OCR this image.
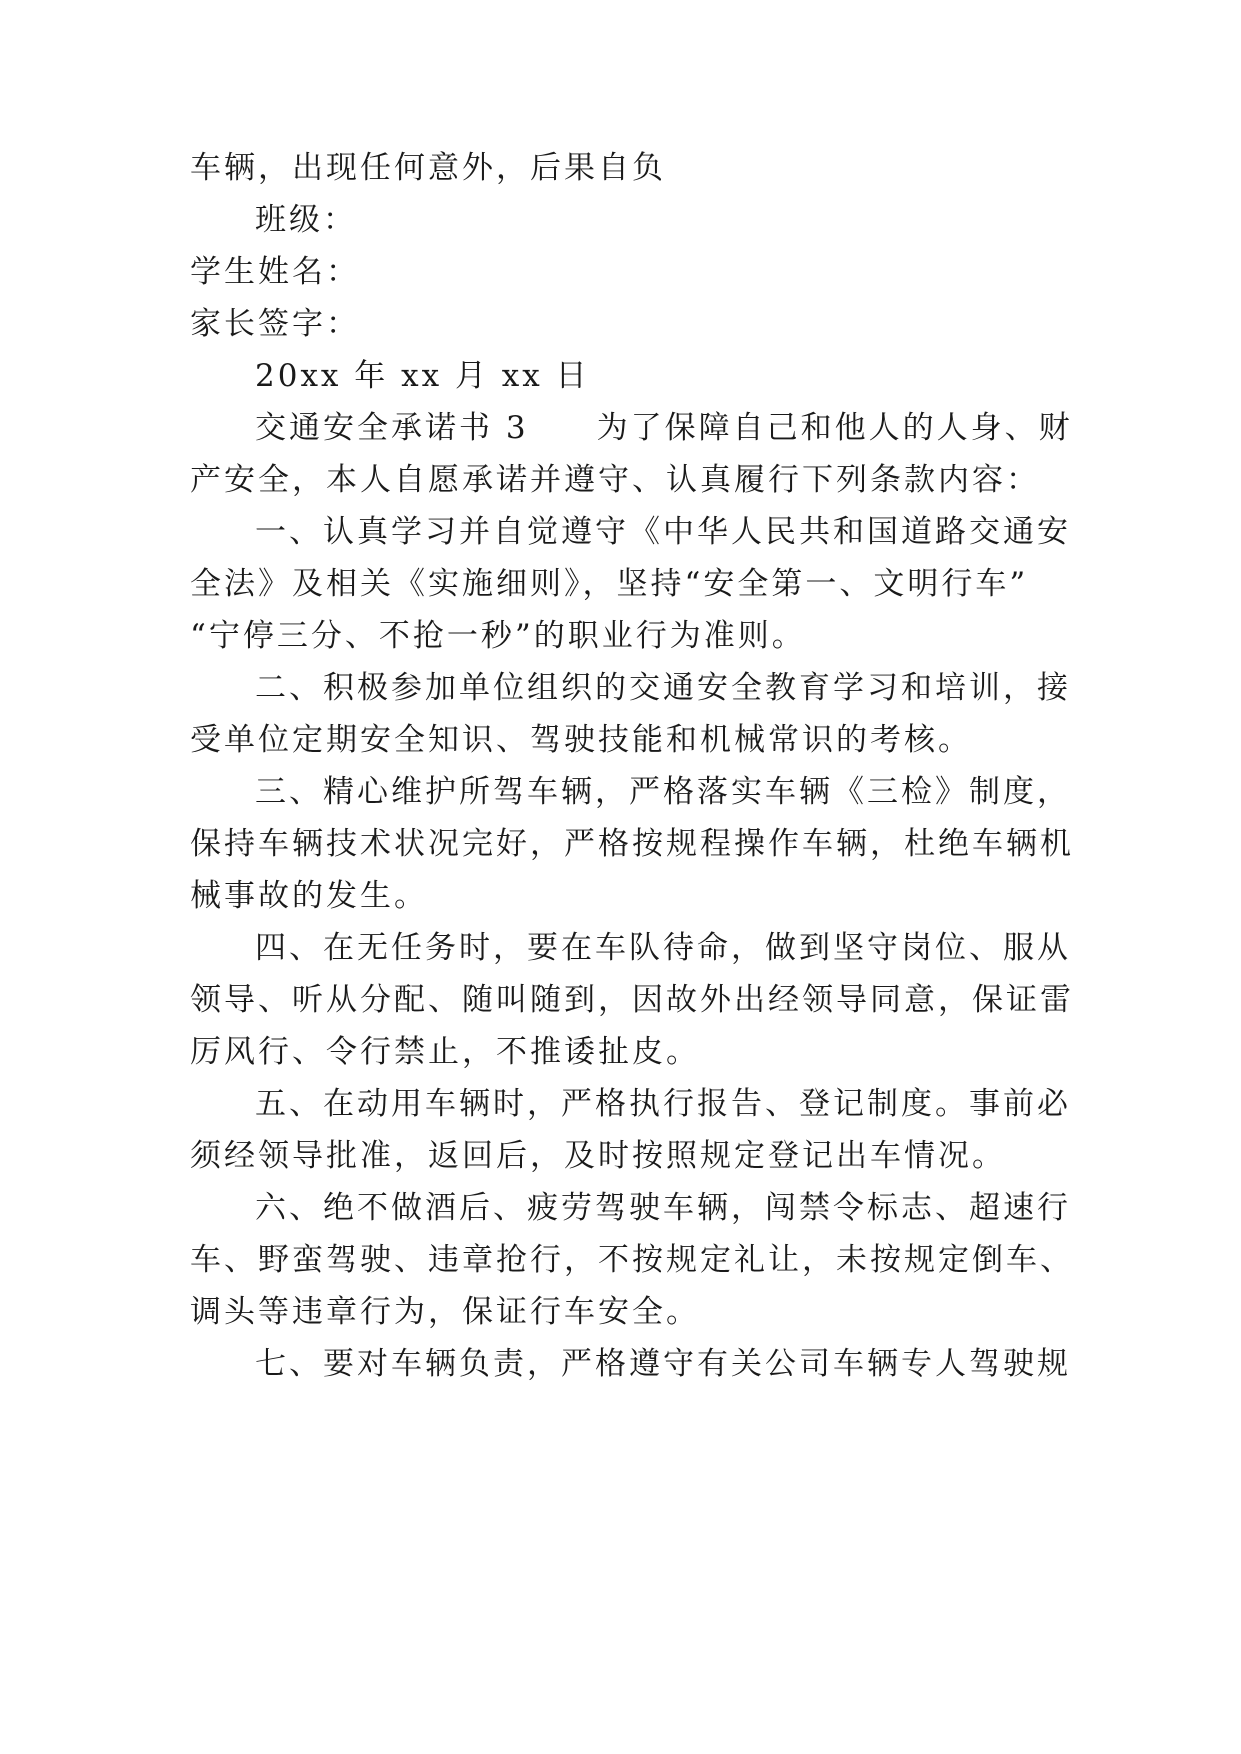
车辆，出现任何意外，后果自负
班级：
学生姓名：
家长签字：
20xx 年 xx 月 xx 日
交通安全承诺书 3　　为了保障自己和他人的人身、财
产安全，本人自愿承诺并遵守、认真履行下列条款内容：
一、认真学习并自觉遵守《中华人民共和国道路交通安
全法》及相关《实施细则》，坚持“安全第一、文明行车”
“宁停三分、不抢一秒”的职业行为准则。
二、积极参加单位组织的交通安全教育学习和培训，接
受单位定期安全知识、驾驶技能和机械常识的考核。
三、精心维护所驾车辆，严格落实车辆《三检》制度，
保持车辆技术状况完好，严格按规程操作车辆，杜绝车辆机
械事故的发生。
四、在无任务时，要在车队待命，做到坚守岗位、服从
领导、听从分配、随叫随到，因故外出经领导同意，保证雷
厉风行、令行禁止，不推诿扯皮。
五、在动用车辆时，严格执行报告、登记制度。事前必
须经领导批准，返回后，及时按照规定登记出车情况。
六、绝不做酒后、疲劳驾驶车辆，闯禁令标志、超速行
车、野蛮驾驶、违章抢行，不按规定礼让，未按规定倒车、
调头等违章行为，保证行车安全。
七、要对车辆负责，严格遵守有关公司车辆专人驾驶规
